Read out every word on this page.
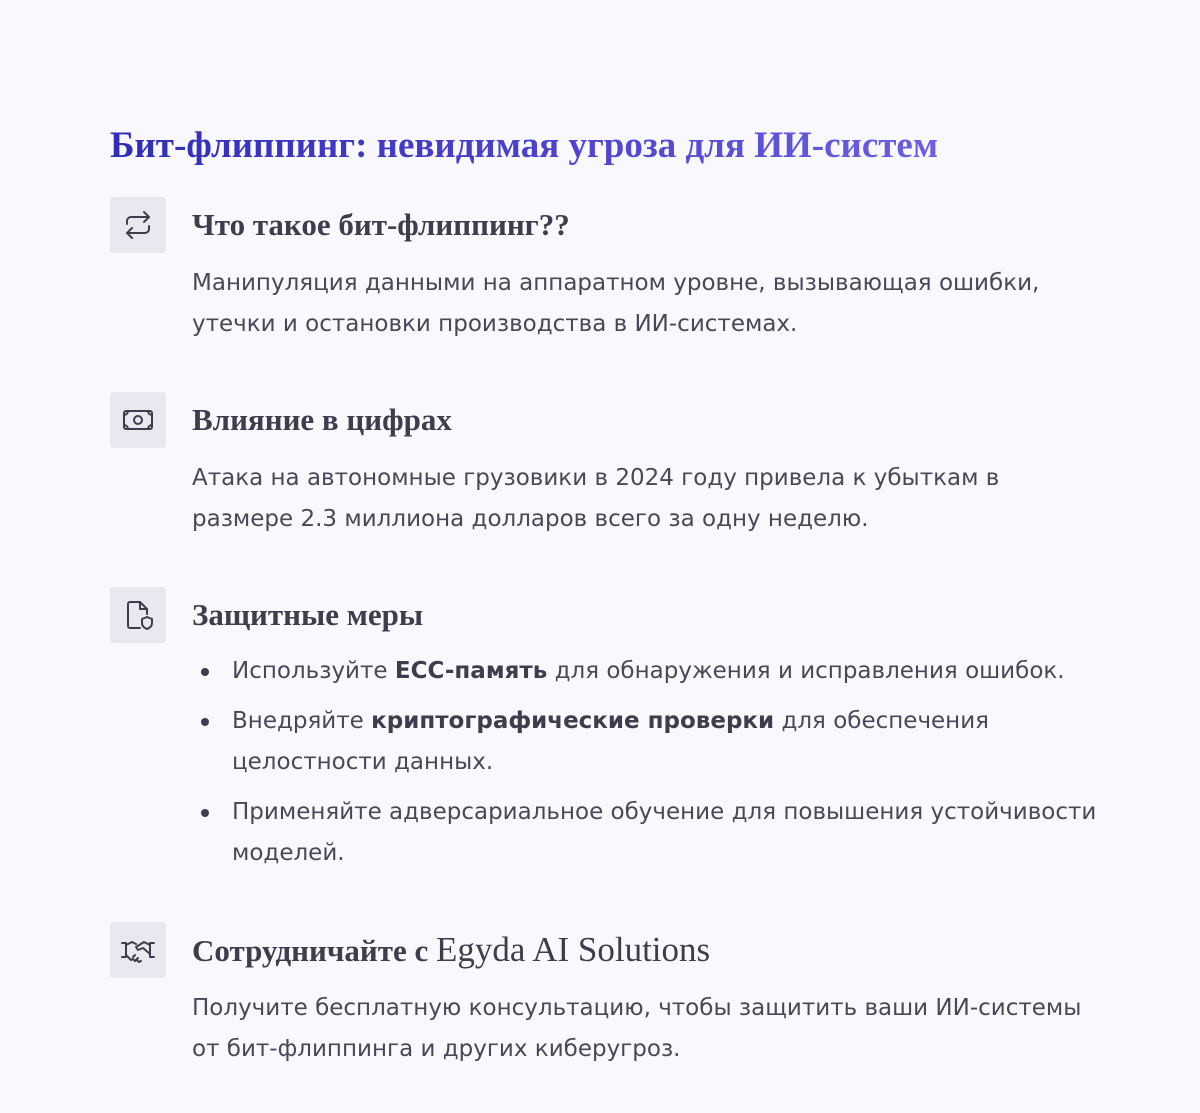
Бит-флиппинг: невидимая угроза для ИИ-систем
Что такое бит-флиппинг??

Манипуляция данными на аппаратном уровне, вызывающая ошибки, утечки и остановки производства в ИИ-системах.

Влияние в цифрах

Атака на автономные грузовики в 2024 году привела к убыткам в размере 2.3 миллиона долларов всего за одну неделю.

Защитные меры
Используйте ECC-память для обнаружения и исправления ошибок.
Внедряйте криптографические проверки для обеспечения целостности данных.
Применяйте адверсариальное обучение для повышения устойчивости моделей.
Сотрудничайте с Egyda AI Solutions

Получите бесплатную консультацию, чтобы защитить ваши ИИ-системы от бит-флиппинга и других киберугроз.
